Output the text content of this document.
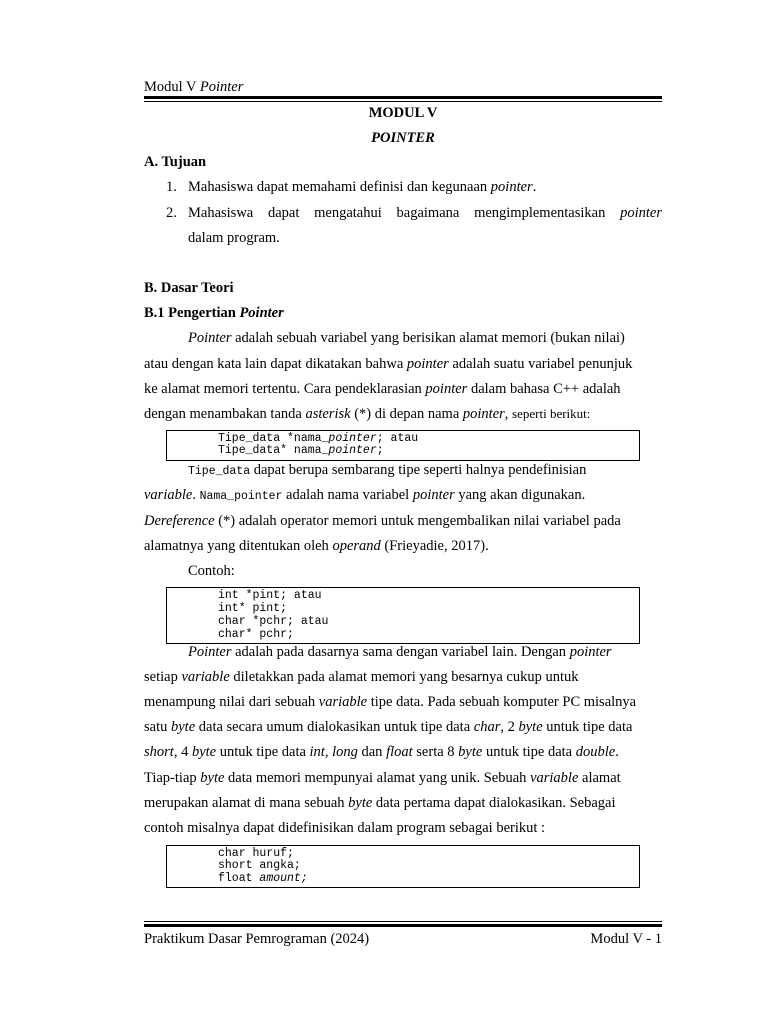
Modul V Pointer
MODUL V
POINTER
A. Tujuan
1. Mahasiswa dapat memahami definisi dan kegunaan pointer.
2. Mahasiswa dapat mengatahui bagaimana mengimplementasikan pointer
dalam program.
B. Dasar Teori
B.1 Pengertian Pointer
Pointer adalah sebuah variabel yang berisikan alamat memori (bukan nilai)
atau dengan kata lain dapat dikatakan bahwa pointer adalah suatu variabel penunjuk
ke alamat memori tertentu. Cara pendeklarasian pointer dalam bahasa C++ adalah
dengan menambakan tanda asterisk (*) di depan nama pointer, seperti berikut:
Tipe_data *nama_pointer; atau
Tipe_data* nama_pointer;
Tipe_data dapat berupa sembarang tipe seperti halnya pendefinisian
variable. Nama_pointer adalah nama variabel pointer yang akan digunakan.
Dereference (*) adalah operator memori untuk mengembalikan nilai variabel pada
alamatnya yang ditentukan oleh operand (Frieyadie, 2017).
Contoh:
int *pint; atau
int* pint;
char *pchr; atau
char* pchr;
Pointer adalah pada dasarnya sama dengan variabel lain. Dengan pointer
setiap variable diletakkan pada alamat memori yang besarnya cukup untuk
menampung nilai dari sebuah variable tipe data. Pada sebuah komputer PC misalnya
satu byte data secara umum dialokasikan untuk tipe data char, 2 byte untuk tipe data
short, 4 byte untuk tipe data int, long dan float serta 8 byte untuk tipe data double.
Tiap-tiap byte data memori mempunyai alamat yang unik. Sebuah variable alamat
merupakan alamat di mana sebuah byte data pertama dapat dialokasikan. Sebagai
contoh misalnya dapat didefinisikan dalam program sebagai berikut :
char huruf;
short angka;
float amount;
Praktikum Dasar Pemrograman (2024)	Modul V - 1
